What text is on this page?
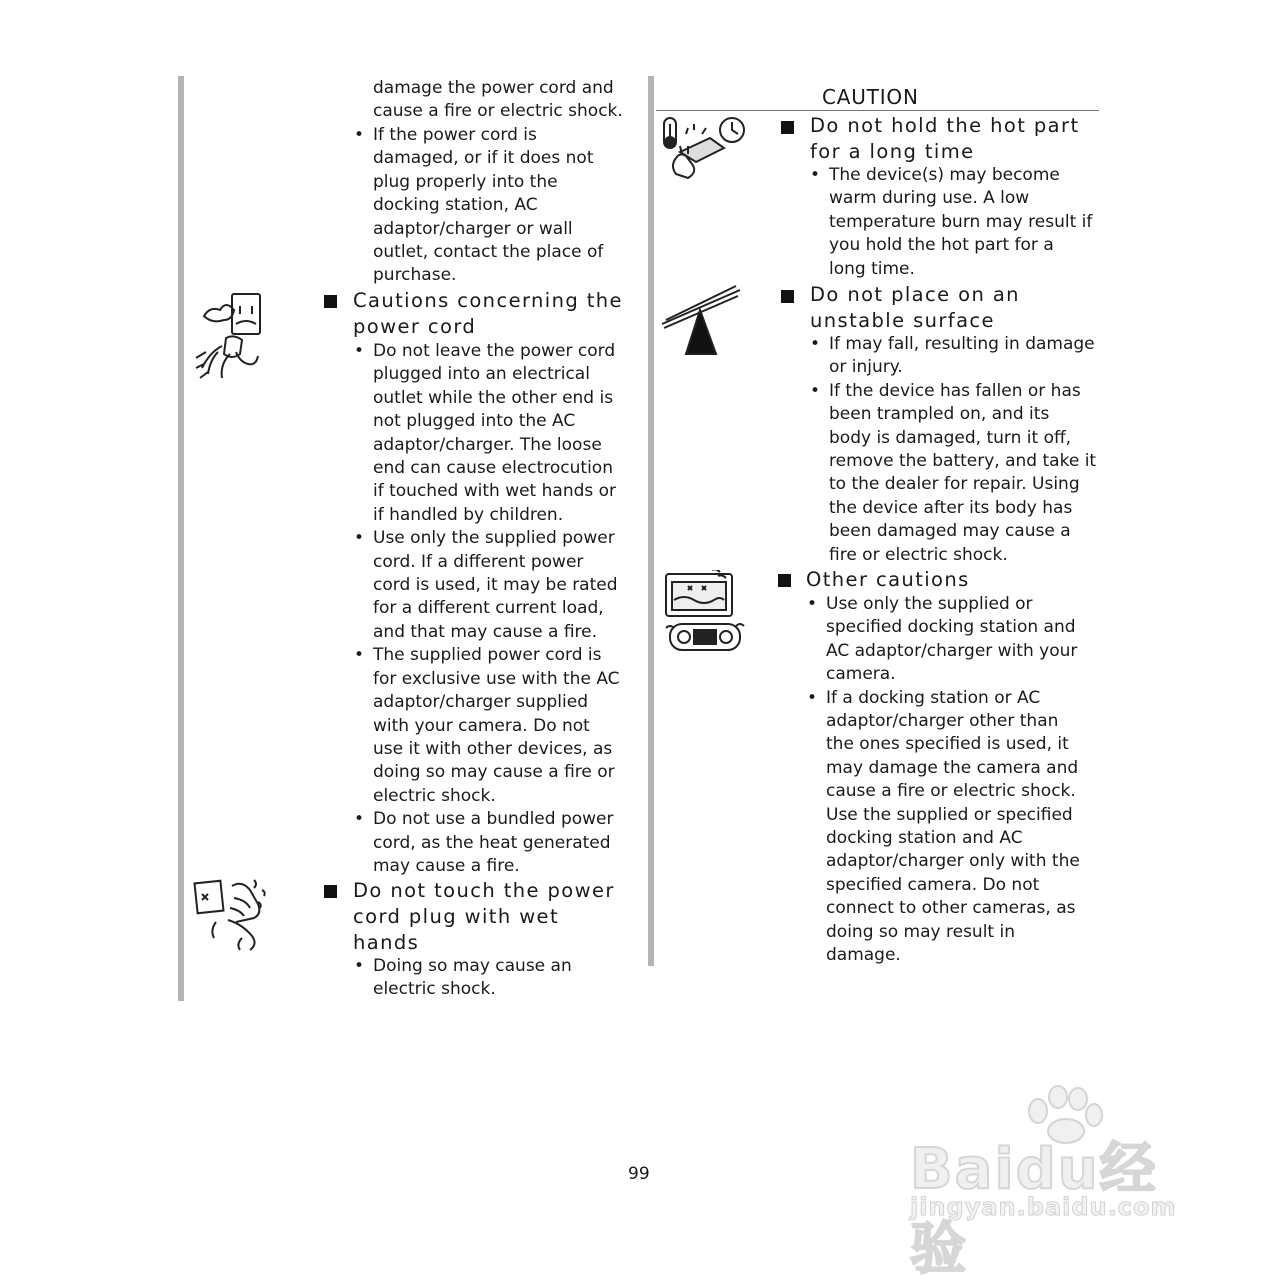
damage the power cord and
cause a fire or electric shock.
• If the power cord is
damaged, or if it does not
plug properly into the
docking station, AC
adaptor/charger or wall
outlet, contact the place of
purchase.
Cautions concerning the
power cord
• Do not leave the power cord
plugged into an electrical
outlet while the other end is
not plugged into the AC
adaptor/charger. The loose
end can cause electrocution
if touched with wet hands or
if handled by children.
• Use only the supplied power
cord. If a different power
cord is used, it may be rated
for a different current load,
and that may cause a fire.
• The supplied power cord is
for exclusive use with the AC
adaptor/charger supplied
with your camera. Do not
use it with other devices, as
doing so may cause a fire or
electric shock.
• Do not use a bundled power
cord, as the heat generated
may cause a fire.
Do not touch the power
cord plug with wet
hands
• Doing so may cause an
electric shock.
CAUTION
Do not hold the hot part
for a long time
• The device(s) may become
warm during use. A low
temperature burn may result if
you hold the hot part for a
long time.
Do not place on an
unstable surface
• If may fall, resulting in damage
or injury.
• If the device has fallen or has
been trampled on, and its
body is damaged, turn it off,
remove the battery, and take it
to the dealer for repair. Using
the device after its body has
been damaged may cause a
fire or electric shock.
Other cautions
• Use only the supplied or
specified docking station and
AC adaptor/charger with your
camera.
• If a docking station or AC
adaptor/charger other than
the ones specified is used, it
may damage the camera and
cause a fire or electric shock.
Use the supplied or specified
docking station and AC
adaptor/charger only with the
specified camera. Do not
connect to other cameras, as
doing so may result in
damage.
99	Baidu经验
jingyan.baidu.com
